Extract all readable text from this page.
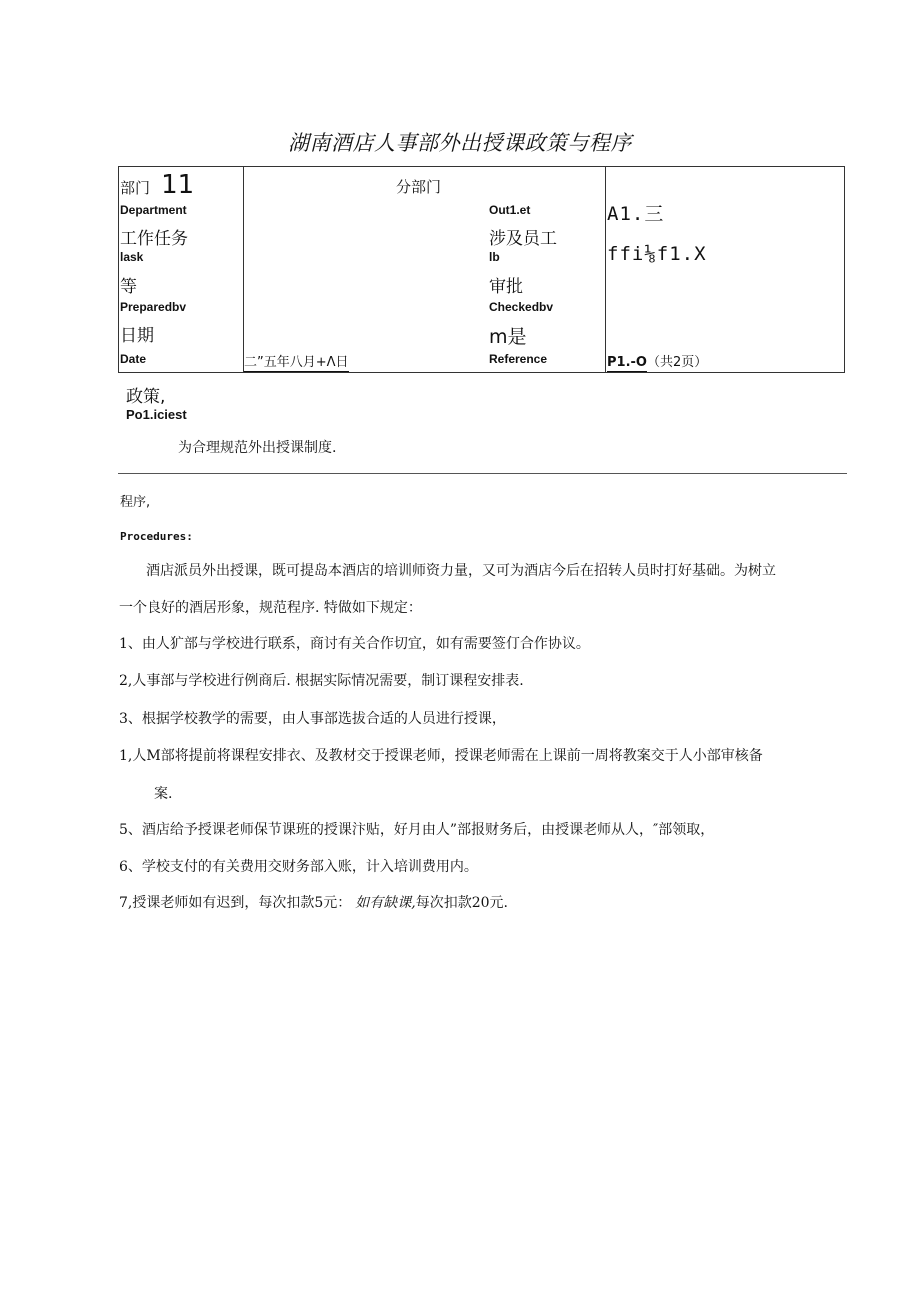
湖南酒店人事部外出授课政策与程序
部门 11
Department
工作任务
lask
等
Preparedbv
日期
Date
分部门
Out1.et
涉及员工
lb
审批
Checkedbv
m是
Reference
二”五年八月+Λ日
A1.三
ffi⅛f1.X
P1.-O（共2页）
政策,
Po1.iciest
为合理规范外出授课制度.
程序,
Procedures:
酒店派员外出授课，既可提岛本酒店的培训师资力量，又可为酒店今后在招转人员时打好基础。为树立
一个良好的酒居形象，规范程序. 特做如下规定：
1、由人犷部与学校进行联系，商讨有关合作切宜，如有需要签仃合作协议。
2,人事部与学校进行例商后. 根据实际情况需要，制订课程安排表.
3、根据学校教学的需要，由人事部选拔合适的人员进行授课，
1,人M部将提前将课程安排衣、及教材交于授课老师，授课老师需在上课前一周将教案交于人小部审核备
案.
5、酒店给予授课老师保节课班的授课汴贴，好月由人”部报财务后，由授课老师从人，″部领取，
6、学校支付的有关费用交财务部入账，计入培训费用内。
7,授课老师如有迟到，每次扣款5元： 如有缺课,每次扣款20元.
